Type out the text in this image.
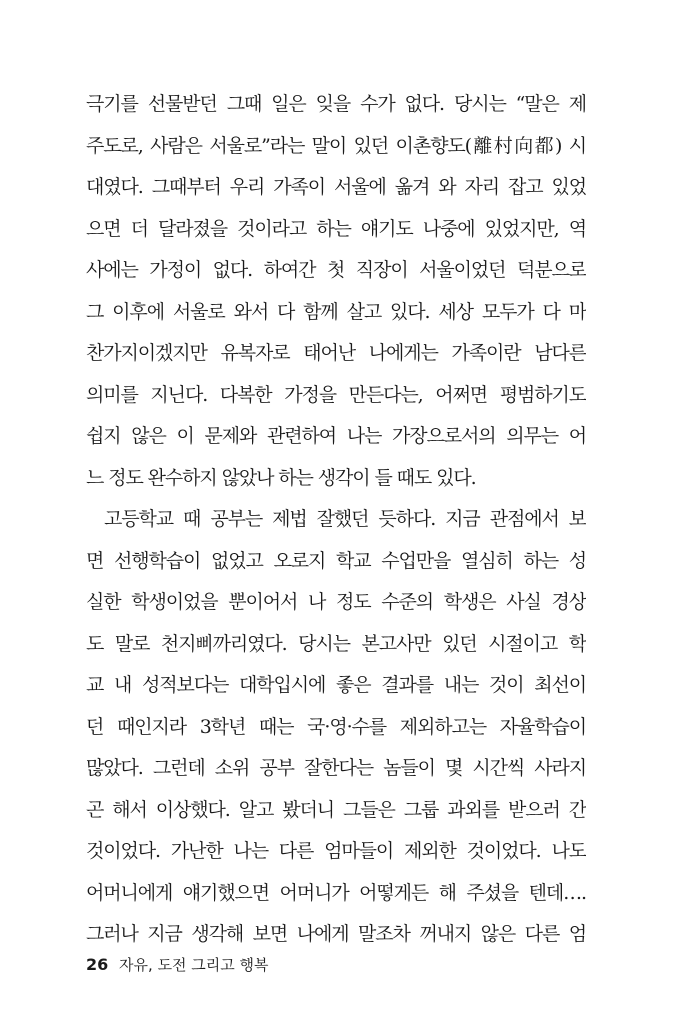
극기를 선물받던 그때 일은 잊을 수가 없다. 당시는 “말은 제
주도로, 사람은 서울로”라는 말이 있던 이촌향도(離村向都) 시
대였다. 그때부터 우리 가족이 서울에 옮겨 와 자리 잡고 있었
으면 더 달라졌을 것이라고 하는 얘기도 나중에 있었지만, 역
사에는 가정이 없다. 하여간 첫 직장이 서울이었던 덕분으로
그 이후에 서울로 와서 다 함께 살고 있다. 세상 모두가 다 마
찬가지이겠지만 유복자로 태어난 나에게는 가족이란 남다른
의미를 지닌다. 다복한 가정을 만든다는, 어쩌면 평범하기도
쉽지 않은 이 문제와 관련하여 나는 가장으로서의 의무는 어
느 정도 완수하지 않았나 하는 생각이 들 때도 있다.
고등학교 때 공부는 제법 잘했던 듯하다. 지금 관점에서 보
면 선행학습이 없었고 오로지 학교 수업만을 열심히 하는 성
실한 학생이었을 뿐이어서 나 정도 수준의 학생은 사실 경상
도 말로 천지삐까리였다. 당시는 본고사만 있던 시절이고 학
교 내 성적보다는 대학입시에 좋은 결과를 내는 것이 최선이
던 때인지라 3학년 때는 국·영·수를 제외하고는 자율학습이
많았다. 그런데 소위 공부 잘한다는 놈들이 몇 시간씩 사라지
곤 해서 이상했다. 알고 봤더니 그들은 그룹 과외를 받으러 간
것이었다. 가난한 나는 다른 엄마들이 제외한 것이었다. 나도
어머니에게 얘기했으면 어머니가 어떻게든 해 주셨을 텐데….
그러나 지금 생각해 보면 나에게 말조차 꺼내지 않은 다른 엄
26 자유, 도전 그리고 행복
